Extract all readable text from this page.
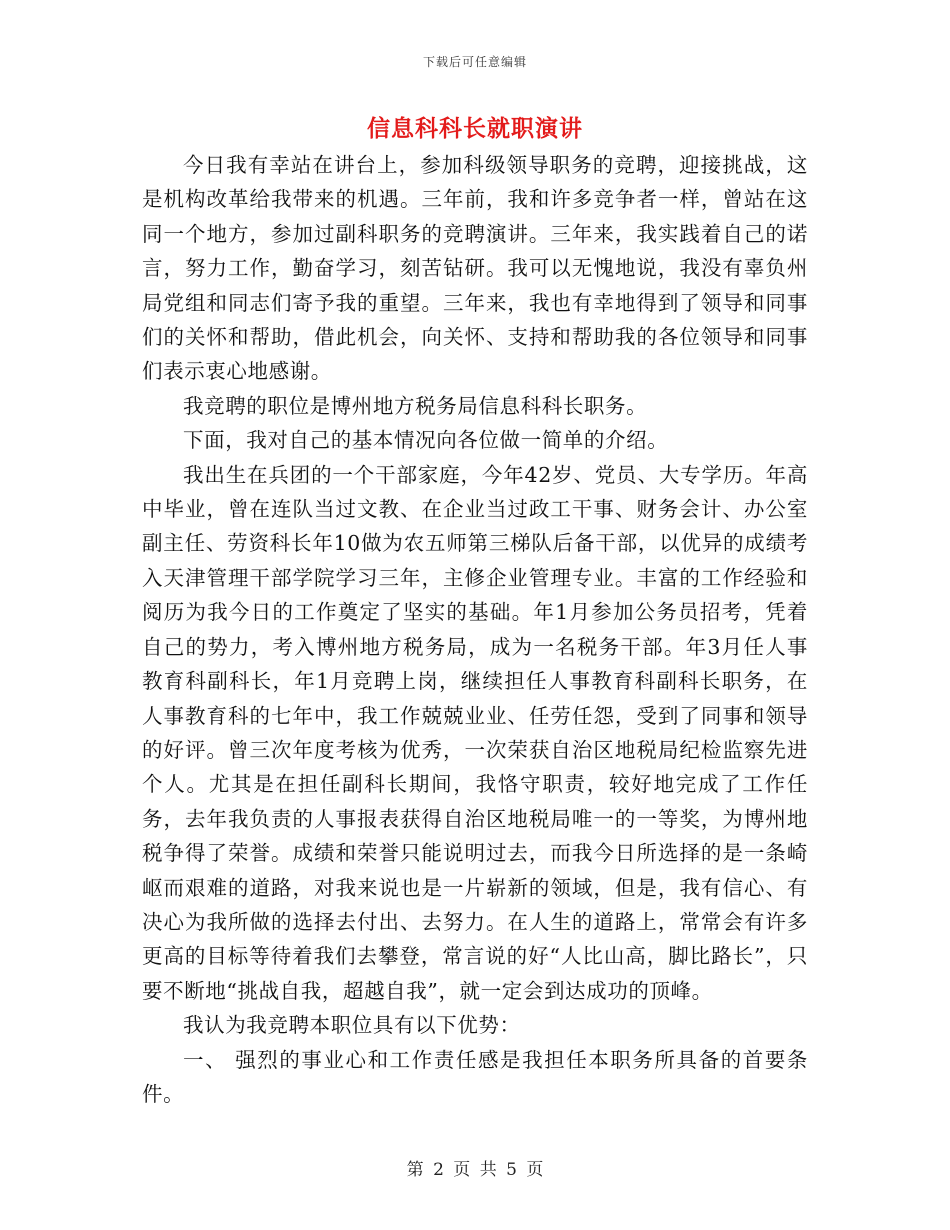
下载后可任意编辑
信息科科长就职演讲

今日我有幸站在讲台上，参加科级领导职务的竞聘，迎接挑战，这是机构改革给我带来的机遇。三年前，我和许多竞争者一样，曾站在这同一个地方，参加过副科职务的竞聘演讲。三年来，我实践着自己的诺言，努力工作，勤奋学习，刻苦钻研。我可以无愧地说，我没有辜负州局党组和同志们寄予我的重望。三年来，我也有幸地得到了领导和同事们的关怀和帮助，借此机会，向关怀、支持和帮助我的各位领导和同事们表示衷心地感谢。

我竞聘的职位是博州地方税务局信息科科长职务。

下面，我对自己的基本情况向各位做一简单的介绍。

我出生在兵团的一个干部家庭，今年42岁、党员、大专学历。年高中毕业，曾在连队当过文教、在企业当过政工干事、财务会计、办公室副主任、劳资科长年10做为农五师第三梯队后备干部，以优异的成绩考入天津管理干部学院学习三年，主修企业管理专业。丰富的工作经验和阅历为我今日的工作奠定了坚实的基础。年1月参加公务员招考，凭着自己的势力，考入博州地方税务局，成为一名税务干部。年3月任人事教育科副科长，年1月竞聘上岗，继续担任人事教育科副科长职务，在人事教育科的七年中，我工作兢兢业业、任劳任怨，受到了同事和领导的好评。曾三次年度考核为优秀，一次荣获自治区地税局纪检监察先进个人。尤其是在担任副科长期间，我恪守职责，较好地完成了工作任务，去年我负责的人事报表获得自治区地税局唯一的一等奖，为博州地税争得了荣誉。成绩和荣誉只能说明过去，而我今日所选择的是一条崎岖而艰难的道路，对我来说也是一片崭新的领域，但是，我有信心、有决心为我所做的选择去付出、去努力。在人生的道路上，常常会有许多更高的目标等待着我们去攀登，常言说的好“人比山高，脚比路长”，只要不断地“挑战自我，超越自我”，就一定会到达成功的顶峰。

我认为我竞聘本职位具有以下优势：

一、 强烈的事业心和工作责任感是我担任本职务所具备的首要条件。

第 2 页 共 5 页
